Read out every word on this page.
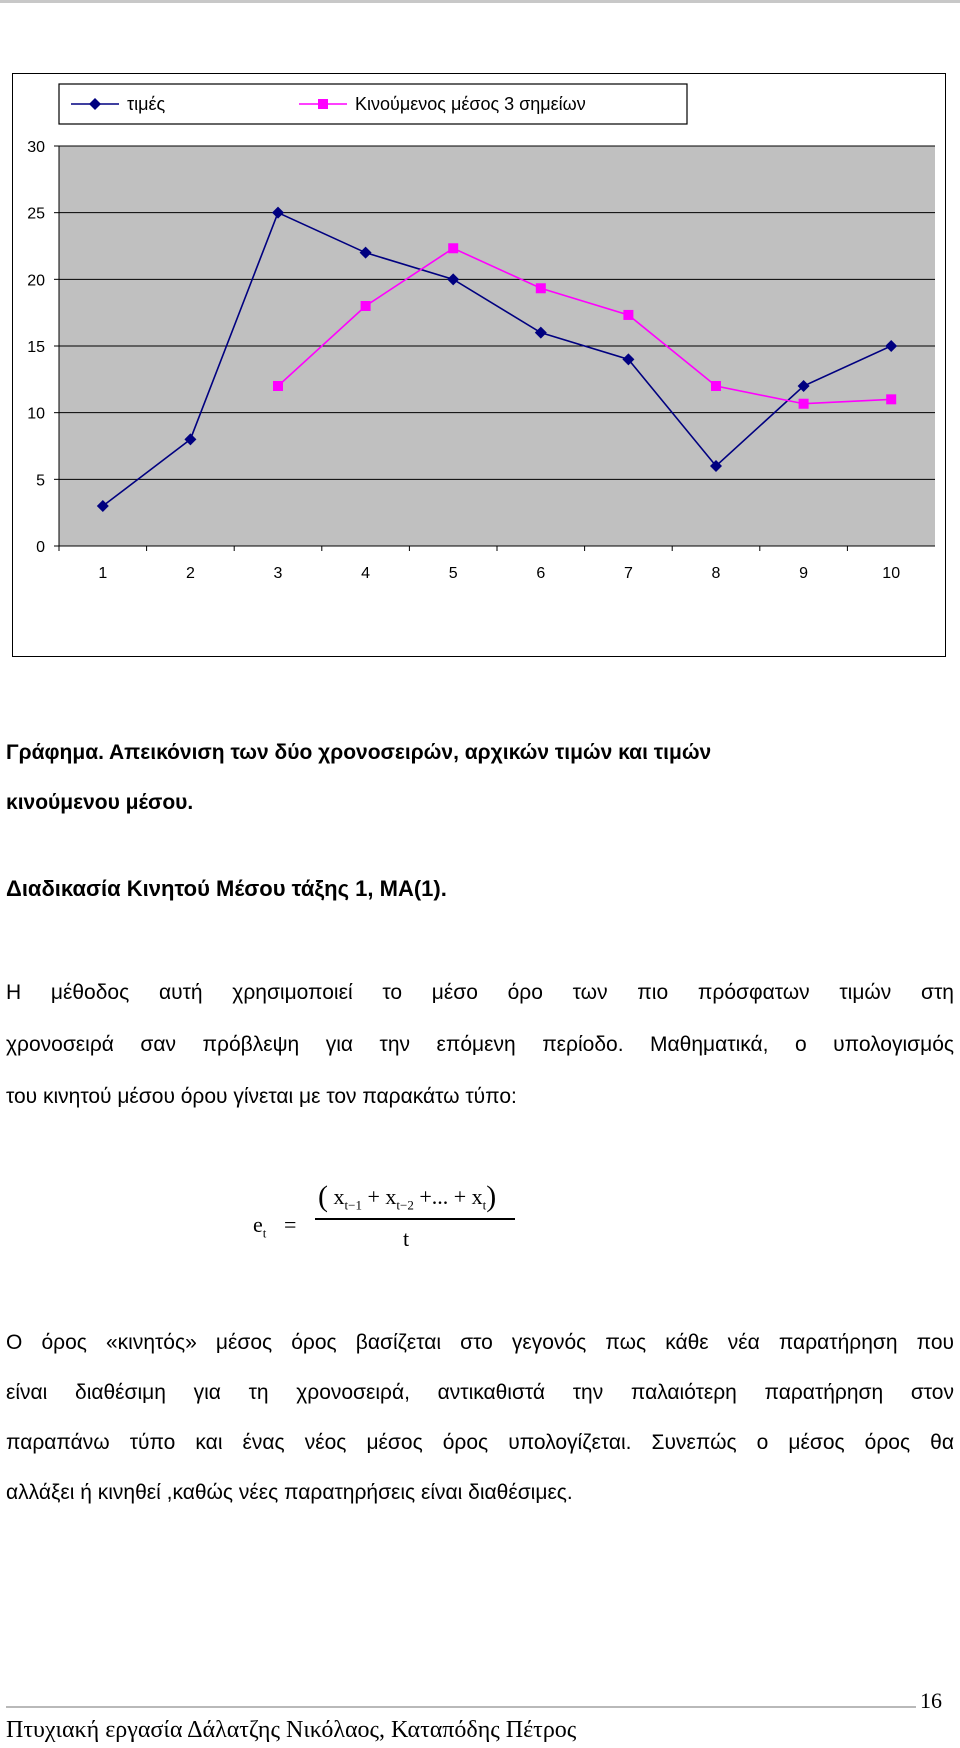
0
5
10
15
20
25
30
1	2	3	4	5	6	7	8	9	10
τιμές	Κινούμενος μέσος 3 σημείων

Γράφημα. Απεικόνιση των δύο χρονοσειρών, αρχικών τιμών και τιμών

κινούμενου μέσου.

Διαδικασία Κινητού Μέσου τάξης 1, ΜΑ(1).

Η μέθοδος αυτή χρησιμοποιεί το μέσο όρο των πιο πρόσφατων τιμών στη

χρονοσειρά σαν πρόβλεψη για την επόμενη περίοδο. Μαθηματικά, ο υπολογισμός

του κινητού μέσου όρου γίνεται με τον παρακάτω τύπο:

$e_t$ =
( $x_{t-1} + x_{t-2}$ +... + $x_t$)
t

Ο όρος «κινητός» μέσος όρος βασίζεται στο γεγονός πως κάθε νέα παρατήρηση που

είναι διαθέσιμη για τη χρονοσειρά, αντικαθιστά την παλαιότερη παρατήρηση στον

παραπάνω τύπο και ένας νέος μέσος όρος υπολογίζεται. Συνεπώς ο μέσος όρος θα

αλλάξει ή κινηθεί ,καθώς νέες παρατηρήσεις είναι διαθέσιμες.

16
Πτυχιακή εργασία Δάλατζης Νικόλαος, Καταπόδης Πέτρος
